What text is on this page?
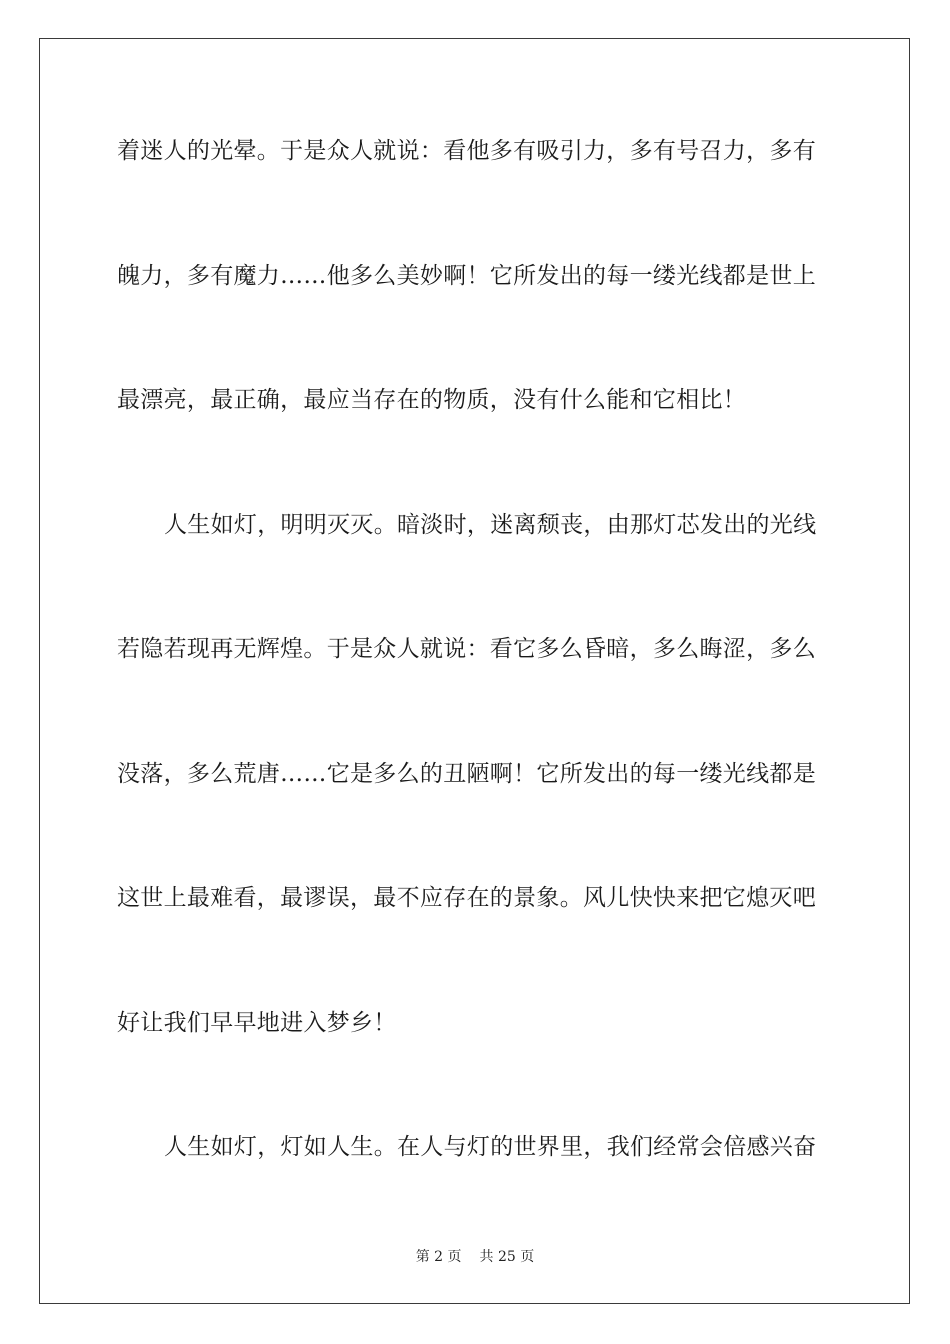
着迷人的光晕。于是众人就说：看他多有吸引力，多有号召力，多有
魄力，多有魔力……他多么美妙啊！它所发出的每一缕光线都是世上
最漂亮，最正确，最应当存在的物质，没有什么能和它相比！
人生如灯，明明灭灭。暗淡时，迷离颓丧，由那灯芯发出的光线
若隐若现再无辉煌。于是众人就说：看它多么昏暗，多么晦涩，多么
没落，多么荒唐……它是多么的丑陋啊！它所发出的每一缕光线都是
这世上最难看，最谬误，最不应存在的景象。风儿快快来把它熄灭吧
好让我们早早地进入梦乡！
人生如灯，灯如人生。在人与灯的世界里，我们经常会倍感兴奋
第 2 页 共 25 页
